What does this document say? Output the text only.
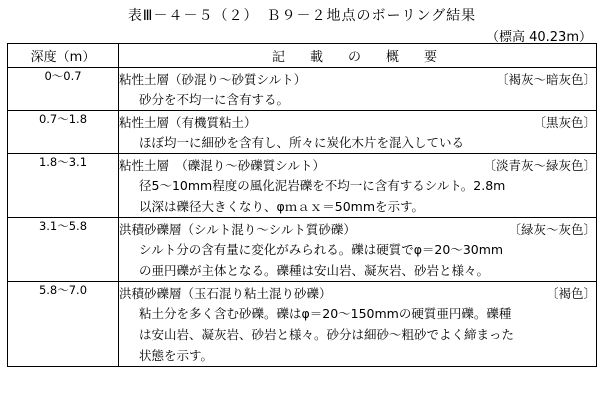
表Ⅲ－４－５（２）　Ｂ９－２地点のボーリング結果
（標高 40.23m）
深度（m）	記　載　の　概　要
0～0.7	粘性土層（砂混り～砂質シルト） 〔褐灰～暗灰色〕
砂分を不均一に含有する。

0.7～1.8	粘性土層（有機質粘土） 〔黒灰色〕
ほぼ均一に細砂を含有し、所々に炭化木片を混入している

1.8～3.1	粘性土層　（礫混り～砂礫質シルト） 〔淡青灰～緑灰色〕
径5～10mm程度の風化泥岩礫を不均一に含有するシルト。2.8m
以深は礫径大きくなり、φｍａｘ＝50mmを示す。

3.1～5.8	洪積砂礫層（シルト混り～シルト質砂礫） 〔緑灰～灰色〕
シルト分の含有量に変化がみられる。礫は硬質でφ＝20～30mm
の亜円礫が主体となる。礫種は安山岩、凝灰岩、砂岩と様々。

5.8～7.0	洪積砂礫層（玉石混り粘土混り砂礫） 〔褐色〕
粘土分を多く含む砂礫。礫はφ＝20～150mmの硬質亜円礫。礫種
は安山岩、凝灰岩、砂岩と様々。砂分は細砂～粗砂でよく締まった
状態を示す。
